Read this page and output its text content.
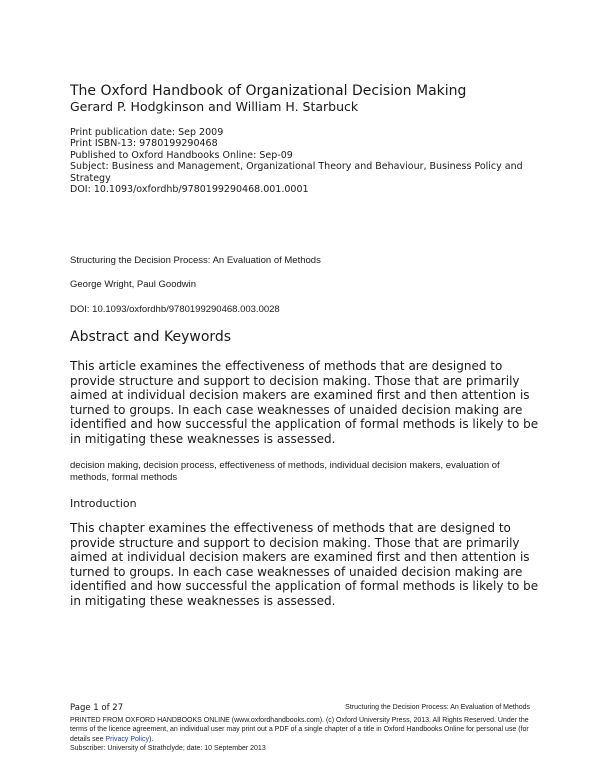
The Oxford Handbook of Organizational Decision Making
Gerard P. Hodgkinson and William H. Starbuck
Print publication date: Sep 2009
Print ISBN-13: 9780199290468
Published to Oxford Handbooks Online: Sep-09
Subject: Business and Management, Organizational Theory and Behaviour, Business Policy and Strategy
DOI: 10.1093/oxfordhb/9780199290468.001.0001
Structuring the Decision Process: An Evaluation of Methods
George Wright, Paul Goodwin
DOI: 10.1093/oxfordhb/9780199290468.003.0028
Abstract and Keywords
This article examines the effectiveness of methods that are designed to provide structure and support to decision making. Those that are primarily aimed at individual decision makers are examined first and then attention is turned to groups. In each case weaknesses of unaided decision making are identified and how successful the application of formal methods is likely to be in mitigating these weaknesses is assessed.
decision making, decision process, effectiveness of methods, individual decision makers, evaluation of methods, formal methods
Introduction
This chapter examines the effectiveness of methods that are designed to provide structure and support to decision making. Those that are primarily aimed at individual decision makers are examined first and then attention is turned to groups. In each case weaknesses of unaided decision making are identified and how successful the application of formal methods is likely to be in mitigating these weaknesses is assessed.
Page 1 of 27	Structuring the Decision Process: An Evaluation of Methods
PRINTED FROM OXFORD HANDBOOKS ONLINE (www.oxfordhandbooks.com). (c) Oxford University Press, 2013. All Rights Reserved. Under the terms of the licence agreement, an individual user may print out a PDF of a single chapter of a title in Oxford Handbooks Online for personal use (for details see Privacy Policy).
Subscriber: University of Strathclyde; date: 10 September 2013
